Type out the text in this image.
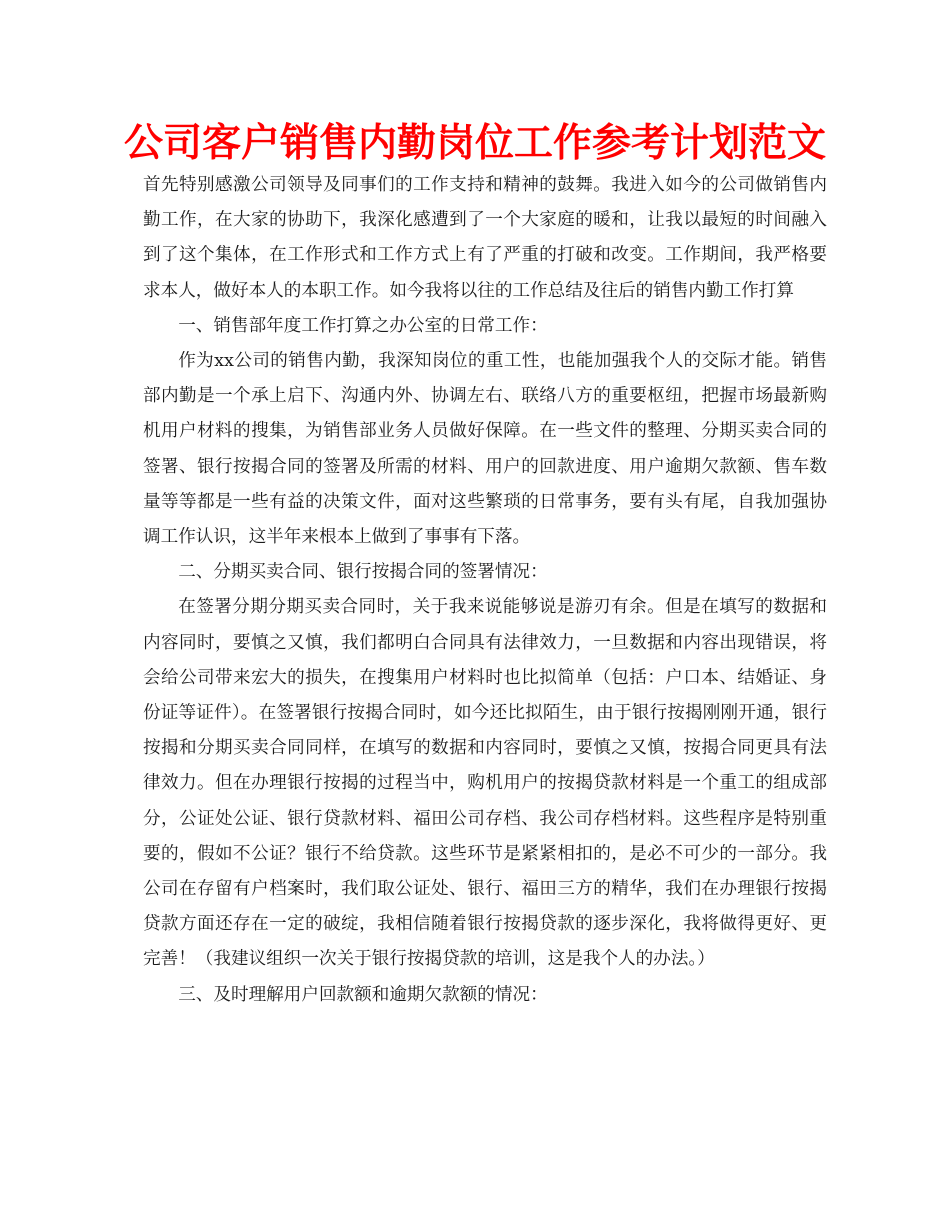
公司客户销售内勤岗位工作参考计划范文

首先特别感激公司领导及同事们的工作支持和精神的鼓舞。我进入如今的公司做销售内勤工作，在大家的协助下，我深化感遭到了一个大家庭的暖和，让我以最短的时间融入到了这个集体，在工作形式和工作方式上有了严重的打破和改变。工作期间，我严格要求本人，做好本人的本职工作。如今我将以往的工作总结及往后的销售内勤工作打算

一、销售部年度工作打算之办公室的日常工作：

作为xx公司的销售内勤，我深知岗位的重工性，也能加强我个人的交际才能。销售部内勤是一个承上启下、沟通内外、协调左右、联络八方的重要枢纽，把握市场最新购机用户材料的搜集，为销售部业务人员做好保障。在一些文件的整理、分期买卖合同的签署、银行按揭合同的签署及所需的材料、用户的回款进度、用户逾期欠款额、售车数量等等都是一些有益的决策文件，面对这些繁琐的日常事务，要有头有尾，自我加强协调工作认识，这半年来根本上做到了事事有下落。

二、分期买卖合同、银行按揭合同的签署情况：

在签署分期分期买卖合同时，关于我来说能够说是游刃有余。但是在填写的数据和内容同时，要慎之又慎，我们都明白合同具有法律效力，一旦数据和内容出现错误，将会给公司带来宏大的损失，在搜集用户材料时也比拟简单（包括：户口本、结婚证、身份证等证件）。在签署银行按揭合同时，如今还比拟陌生，由于银行按揭刚刚开通，银行按揭和分期买卖合同同样，在填写的数据和内容同时，要慎之又慎，按揭合同更具有法律效力。但在办理银行按揭的过程当中，购机用户的按揭贷款材料是一个重工的组成部分，公证处公证、银行贷款材料、福田公司存档、我公司存档材料。这些程序是特别重要的，假如不公证？银行不给贷款。这些环节是紧紧相扣的，是必不可少的一部分。我公司在存留有户档案时，我们取公证处、银行、福田三方的精华，我们在办理银行按揭贷款方面还存在一定的破绽，我相信随着银行按揭贷款的逐步深化，我将做得更好、更完善！（我建议组织一次关于银行按揭贷款的培训，这是我个人的办法。）

三、及时理解用户回款额和逾期欠款额的情况：
